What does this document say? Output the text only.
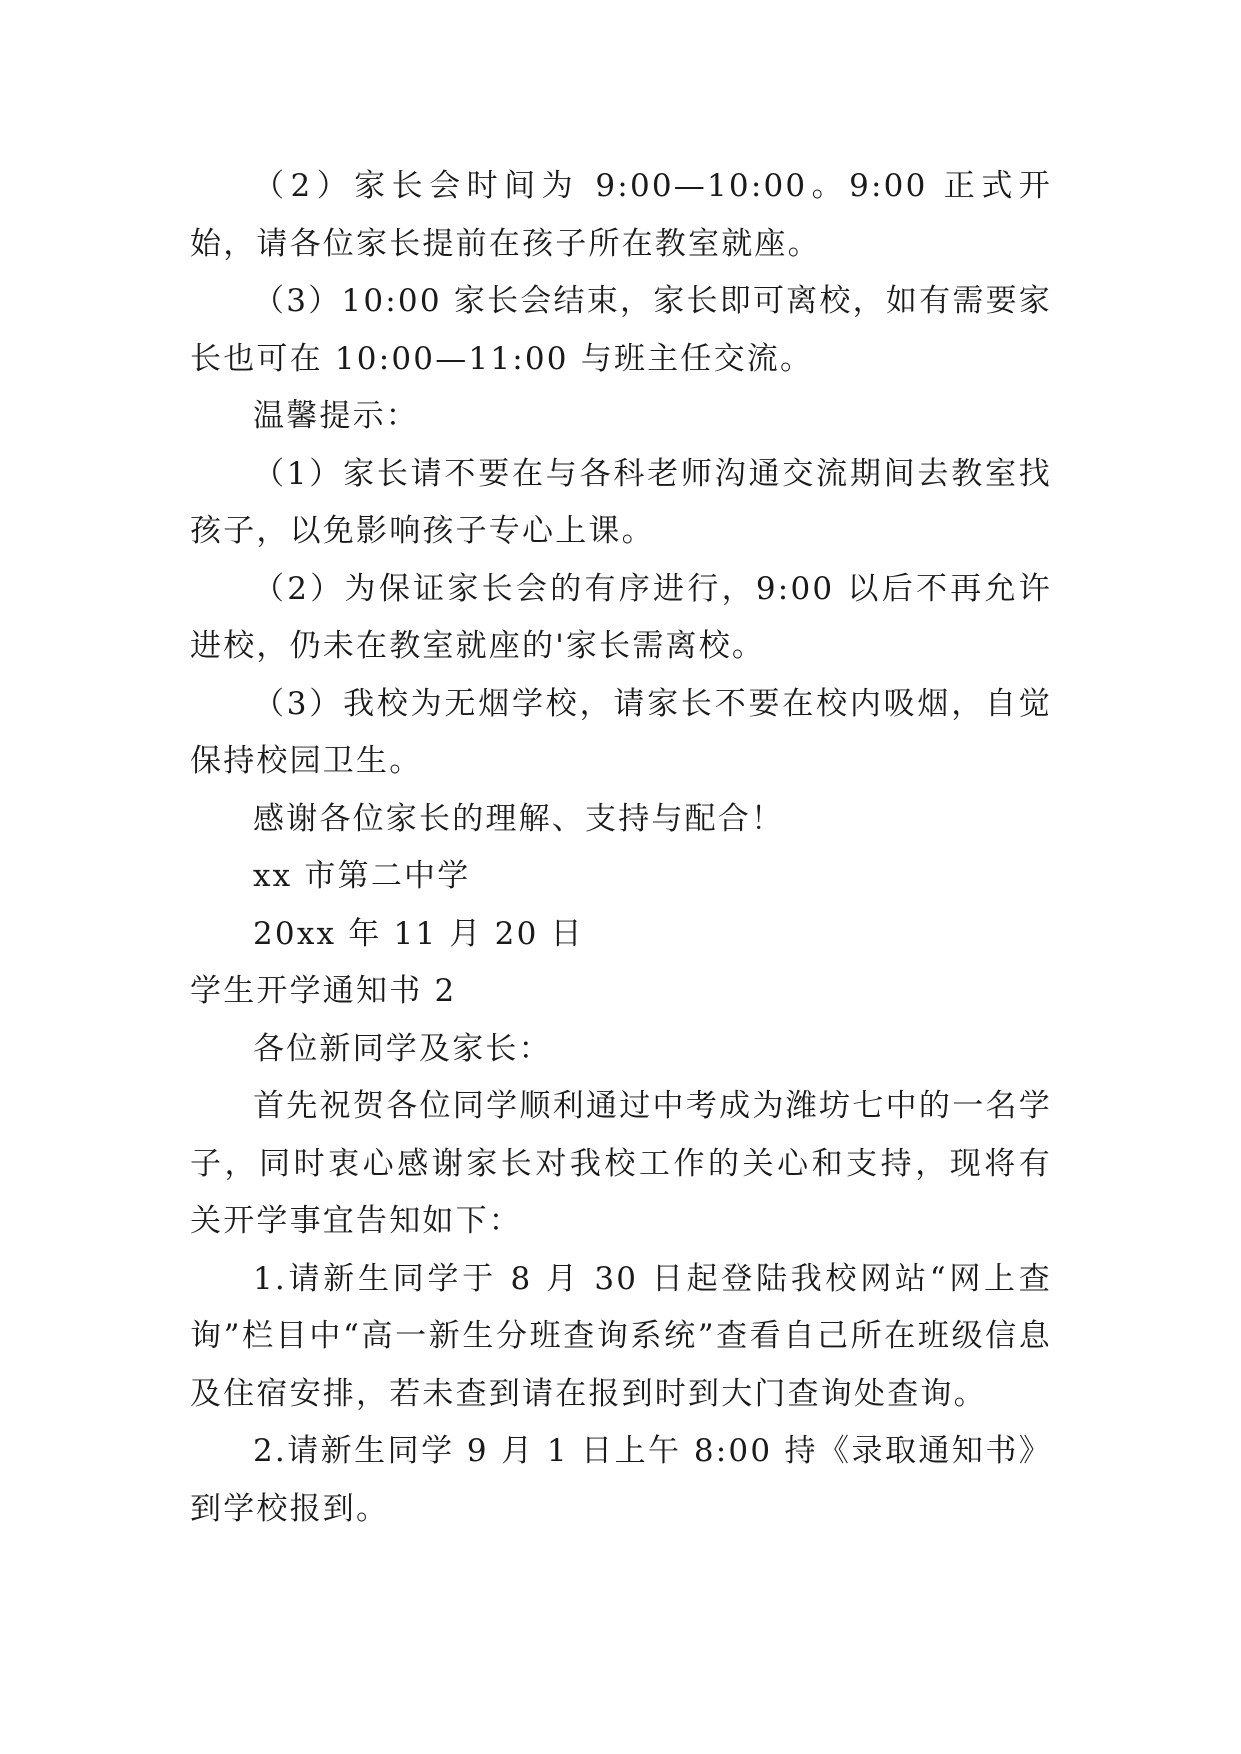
（2）家长会时间为 9:00—10:00。9:00 正式开始，请各位家长提前在孩子所在教室就座。

（3）10:00 家长会结束，家长即可离校，如有需要家长也可在 10:00—11:00 与班主任交流。

温馨提示：

（1）家长请不要在与各科老师沟通交流期间去教室找孩子，以免影响孩子专心上课。

（2）为保证家长会的有序进行，9:00 以后不再允许进校，仍未在教室就座的'家长需离校。

（3）我校为无烟学校，请家长不要在校内吸烟，自觉保持校园卫生。

感谢各位家长的理解、支持与配合！

xx 市第二中学

20xx 年 11 月 20 日

学生开学通知书 2

各位新同学及家长：

首先祝贺各位同学顺利通过中考成为潍坊七中的一名学子，同时衷心感谢家长对我校工作的关心和支持，现将有关开学事宜告知如下：

1.请新生同学于 8 月 30 日起登陆我校网站“网上查询”栏目中“高一新生分班查询系统”查看自己所在班级信息及住宿安排，若未查到请在报到时到大门查询处查询。

2.请新生同学 9 月 1 日上午 8:00 持《录取通知书》到学校报到。
